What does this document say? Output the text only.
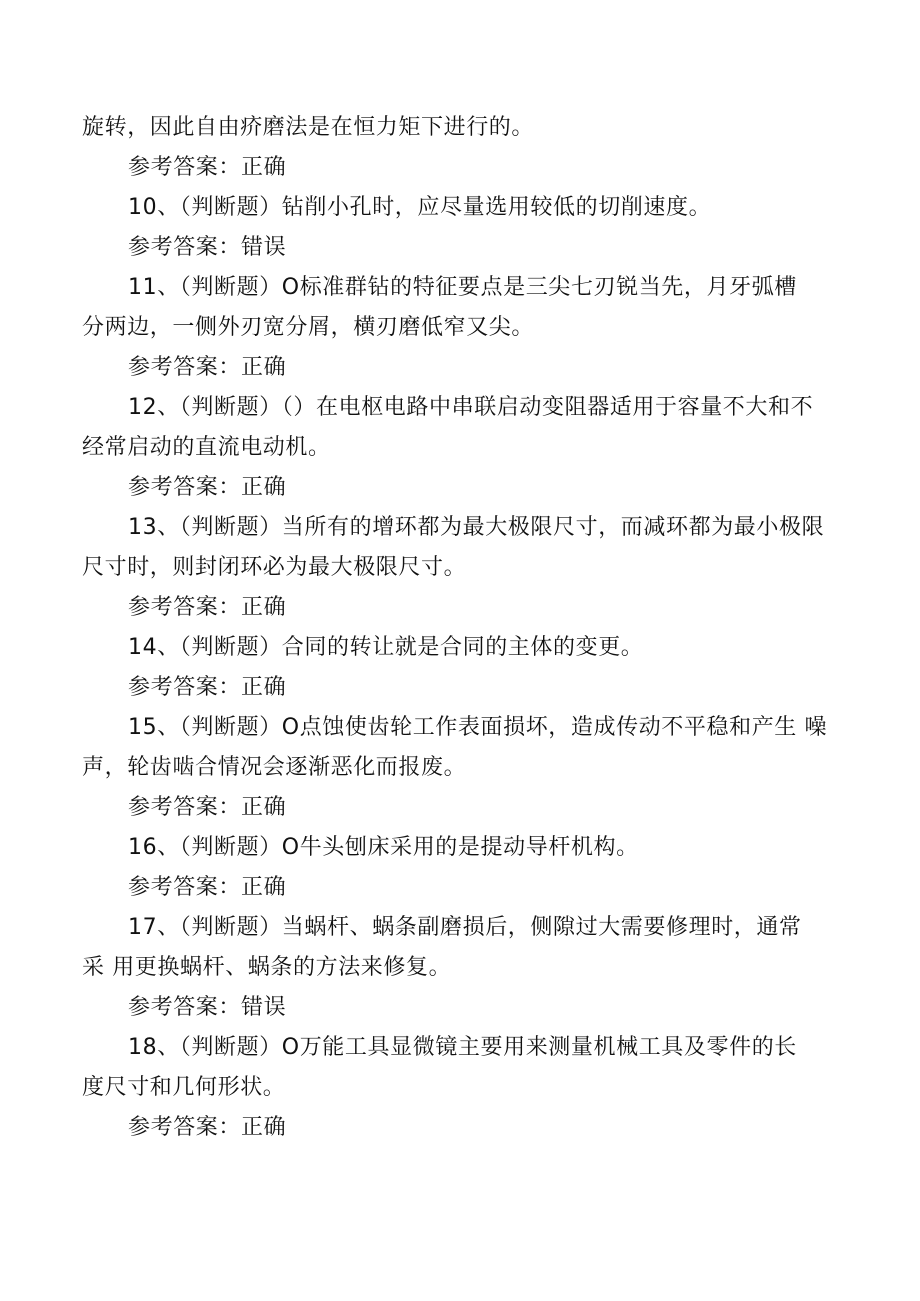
旋转，因此自由疥磨法是在恒力矩下进行的。
参考答案：正确
10、（判断题）钻削小孔时，应尽量选用较低的切削速度。
参考答案：错误
11、（判断题）O标准群钻的特征要点是三尖七刃锐当先，月牙弧槽
分两边，一侧外刃宽分屑，横刃磨低窄又尖。
参考答案：正确
12、（判断题）（）在电枢电路中串联启动变阻器适用于容量不大和不
经常启动的直流电动机。
参考答案：正确
13、（判断题）当所有的增环都为最大极限尺寸，而减环都为最小极限
尺寸时，则封闭环必为最大极限尺寸。
参考答案：正确
14、（判断题）合同的转让就是合同的主体的变更。
参考答案：正确
15、（判断题）O点蚀使齿轮工作表面损坏，造成传动不平稳和产生 噪
声，轮齿啮合情况会逐渐恶化而报废。
参考答案：正确
16、（判断题）O牛头刨床采用的是提动导杆机构。
参考答案：正确
17、（判断题）当蜗杆、蜗条副磨损后，侧隙过大需要修理时，通常
采 用更换蜗杆、蜗条的方法来修复。
参考答案：错误
18、（判断题）O万能工具显微镜主要用来测量机械工具及零件的长
度尺寸和几何形状。
参考答案：正确
